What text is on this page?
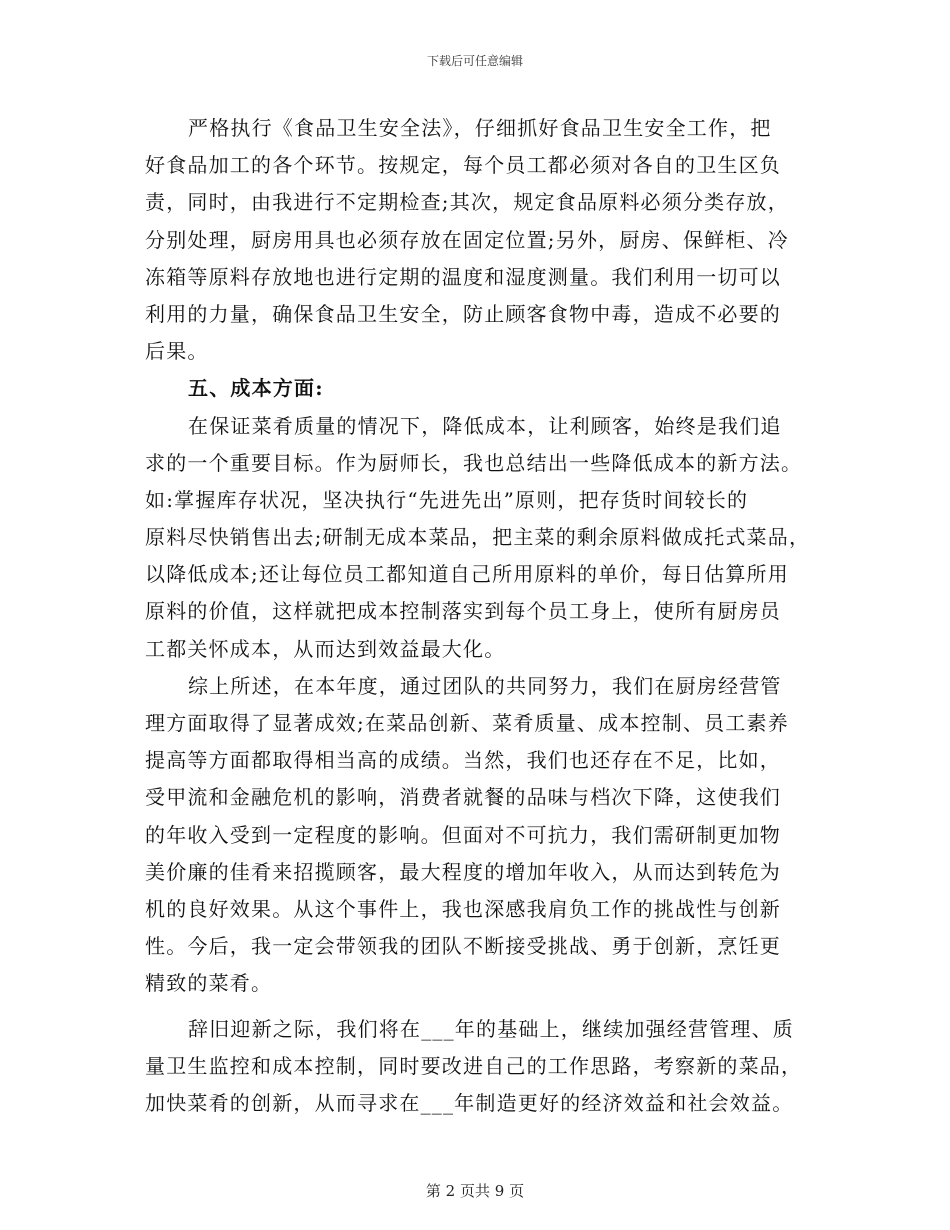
下载后可任意编辑
严格执行《食品卫生安全法》，仔细抓好食品卫生安全工作，把
好食品加工的各个环节。按规定，每个员工都必须对各自的卫生区负
责，同时，由我进行不定期检查;其次，规定食品原料必须分类存放，
分别处理，厨房用具也必须存放在固定位置;另外，厨房、保鲜柜、冷
冻箱等原料存放地也进行定期的温度和湿度测量。我们利用一切可以
利用的力量，确保食品卫生安全，防止顾客食物中毒，造成不必要的
后果。
五、成本方面:
在保证菜肴质量的情况下，降低成本，让利顾客，始终是我们追
求的一个重要目标。作为厨师长，我也总结出一些降低成本的新方法。
如:掌握库存状况，坚决执行“先进先出”原则，把存货时间较长的
原料尽快销售出去;研制无成本菜品，把主菜的剩余原料做成托式菜品，
以降低成本;还让每位员工都知道自己所用原料的单价，每日估算所用
原料的价值，这样就把成本控制落实到每个员工身上，使所有厨房员
工都关怀成本，从而达到效益最大化。
综上所述，在本年度，通过团队的共同努力，我们在厨房经营管
理方面取得了显著成效;在菜品创新、菜肴质量、成本控制、员工素养
提高等方面都取得相当高的成绩。当然，我们也还存在不足，比如，
受甲流和金融危机的影响，消费者就餐的品味与档次下降，这使我们
的年收入受到一定程度的影响。但面对不可抗力，我们需研制更加物
美价廉的佳肴来招揽顾客，最大程度的增加年收入，从而达到转危为
机的良好效果。从这个事件上，我也深感我肩负工作的挑战性与创新
性。今后，我一定会带领我的团队不断接受挑战、勇于创新，烹饪更
精致的菜肴。
辞旧迎新之际，我们将在___年的基础上，继续加强经营管理、质
量卫生监控和成本控制，同时要改进自己的工作思路，考察新的菜品，
加快菜肴的创新，从而寻求在___年制造更好的经济效益和社会效益。
第 2 页共 9 页
